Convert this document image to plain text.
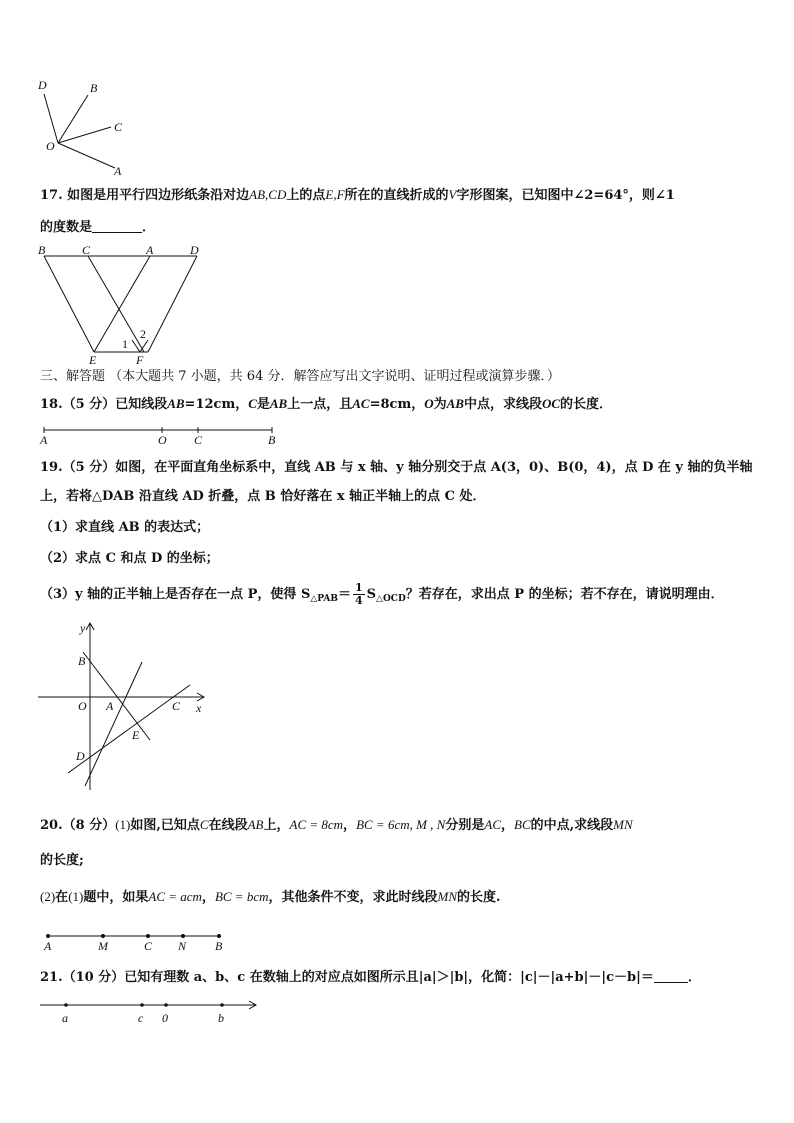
D	B
C
O
A
17. 如图是用平行四边形纸条沿对边AB,CD上的点E,F所在的直线折成的V字形图案，已知图中∠2=64°，则∠1
的度数是	．
B	C	A	D
E	F
1
2
三、解答题 （本大题共 7 小题，共 64 分．解答应写出文字说明、证明过程或演算步骤．）
18.（5 分）已知线段AB=12cm，C是AB上一点，且AC=8cm，O为AB中点，求线段OC的长度．
A	O C	B
19.（5 分）如图，在平面直角坐标系中，直线 AB 与 x 轴、y 轴分别交于点 A(3，0)、B(0，4)，点 D 在 y 轴的负半轴
上，若将△DAB 沿直线 AD 折叠，点 B 恰好落在 x 轴正半轴上的点 C 处．
（1）求直线 AB 的表达式；
（2）求点 C 和点 D 的坐标；
（3）y 轴的正半轴上是否存在一点 P，使得 $S_{\triangle PAB}= \frac{1}{4} S_{\triangle OCD}$？若存在，求出点 P 的坐标；若不存在，请说明理由．
y
x
B
O A	C
E
D
20.（8 分）(1)如图,已知点C在线段AB上，AC = 8cm，BC = 6cm, M , N分别是AC，BC的中点,求线段MN
的长度;
(2)在(1)题中，如果AC = acm，BC = bcm，其他条件不变，求此时线段MN的长度.
A	M	C N B
21.（10 分）已知有理数 a、b、c 在数轴上的对应点如图所示且|a|＞|b|，化简：|c|－|a+b|－|c－b|＝	．
a	c 0	b
